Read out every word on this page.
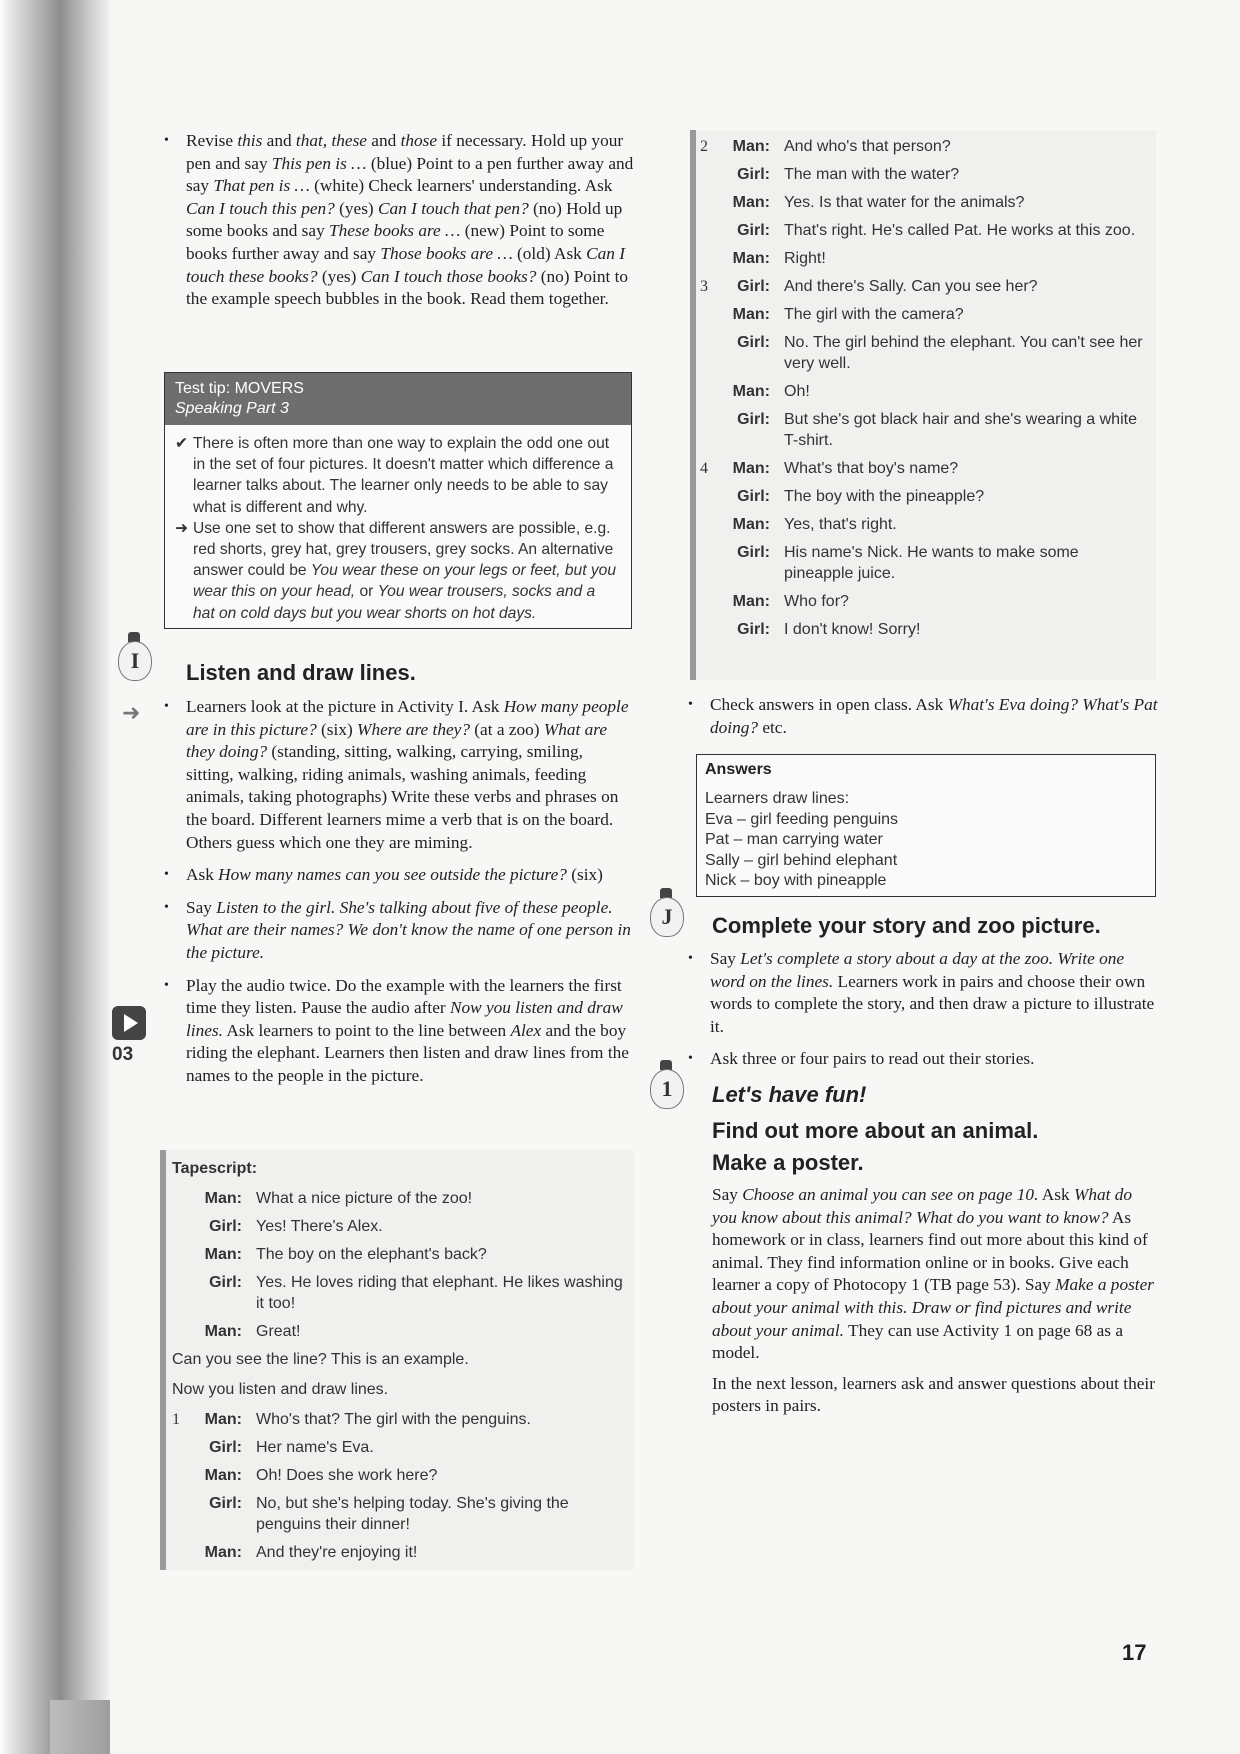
• Revise this and that, these and those if necessary. Hold up your pen and say This pen is … (blue) Point to a pen further away and say That pen is … (white) Check learners' understanding. Ask Can I touch this pen? (yes) Can I touch that pen? (no) Hold up some books and say These books are … (new) Point to some books further away and say Those books are … (old) Ask Can I touch these books? (yes) Can I touch those books? (no) Point to the example speech bubbles in the book. Read them together.
Test tip: MOVERS
Speaking Part 3

✔ There is often more than one way to explain the odd one out in the set of four pictures. It doesn't matter which difference a learner talks about. The learner only needs to be able to say what is different and why.

➜ Use one set to show that different answers are possible, e.g. red shorts, grey hat, grey trousers, grey socks. An alternative answer could be You wear these on your legs or feet, but you wear this on your head, or You wear trousers, socks and a hat on cold days but you wear shorts on hot days.

I
➜
Listen and draw lines.
• Learners look at the picture in Activity I. Ask How many people are in this picture? (six) Where are they? (at a zoo) What are they doing? (standing, sitting, walking, carrying, smiling, sitting, walking, riding animals, washing animals, feeding animals, taking photographs) Write these verbs and phrases on the board. Different learners mime a verb that is on the board. Others guess which one they are miming.
• Ask How many names can you see outside the picture? (six)
• Say Listen to the girl. She's talking about five of these people. What are their names? We don't know the name of one person in the picture.
• Play the audio twice. Do the example with the learners the first time they listen. Pause the audio after Now you listen and draw lines. Ask learners to point to the line between Alex and the boy riding the elephant. Learners then listen and draw lines from the names to the people in the picture.
03
Tapescript:
Man: What a nice picture of the zoo!
Girl: Yes! There's Alex.
Man: The boy on the elephant's back?
Girl: Yes. He loves riding that elephant. He likes washing it too!
Man: Great!
Can you see the line? This is an example.
Now you listen and draw lines.
1	Man: Who's that? The girl with the penguins.
Girl: Her name's Eva.
Man: Oh! Does she work here?
Girl: No, but she's helping today. She's giving the penguins their dinner!
Man: And they're enjoying it!
2	Man: And who's that person?
Girl: The man with the water?
Man: Yes. Is that water for the animals?
Girl: That's right. He's called Pat. He works at this zoo.
Man: Right!
3	Girl: And there's Sally. Can you see her?
Man: The girl with the camera?
Girl: No. The girl behind the elephant. You can't see her very well.
Man: Oh!
Girl: But she's got black hair and she's wearing a white T-shirt.
4	Man: What's that boy's name?
Girl: The boy with the pineapple?
Man: Yes, that's right.
Girl: His name's Nick. He wants to make some pineapple juice.
Man: Who for?
Girl: I don't know! Sorry!
• Check answers in open class. Ask What's Eva doing? What's Pat doing? etc.
Answers
Learners draw lines:
Eva – girl feeding penguins
Pat – man carrying water
Sally – girl behind elephant
Nick – boy with pineapple
J	Complete your story and zoo picture.
• Say Let's complete a story about a day at the zoo. Write one word on the lines. Learners work in pairs and choose their own words to complete the story, and then draw a picture to illustrate it.
• Ask three or four pairs to read out their stories.
1	Let's have fun!
Find out more about an animal.
Make a poster.

Say Choose an animal you can see on page 10. Ask What do you know about this animal? What do you want to know? As homework or in class, learners find out more about this kind of animal. They find information online or in books. Give each learner a copy of Photocopy 1 (TB page 53). Say Make a poster about your animal with this. Draw or find pictures and write about your animal. They can use Activity 1 on page 68 as a model.

In the next lesson, learners ask and answer questions about their posters in pairs.

17
